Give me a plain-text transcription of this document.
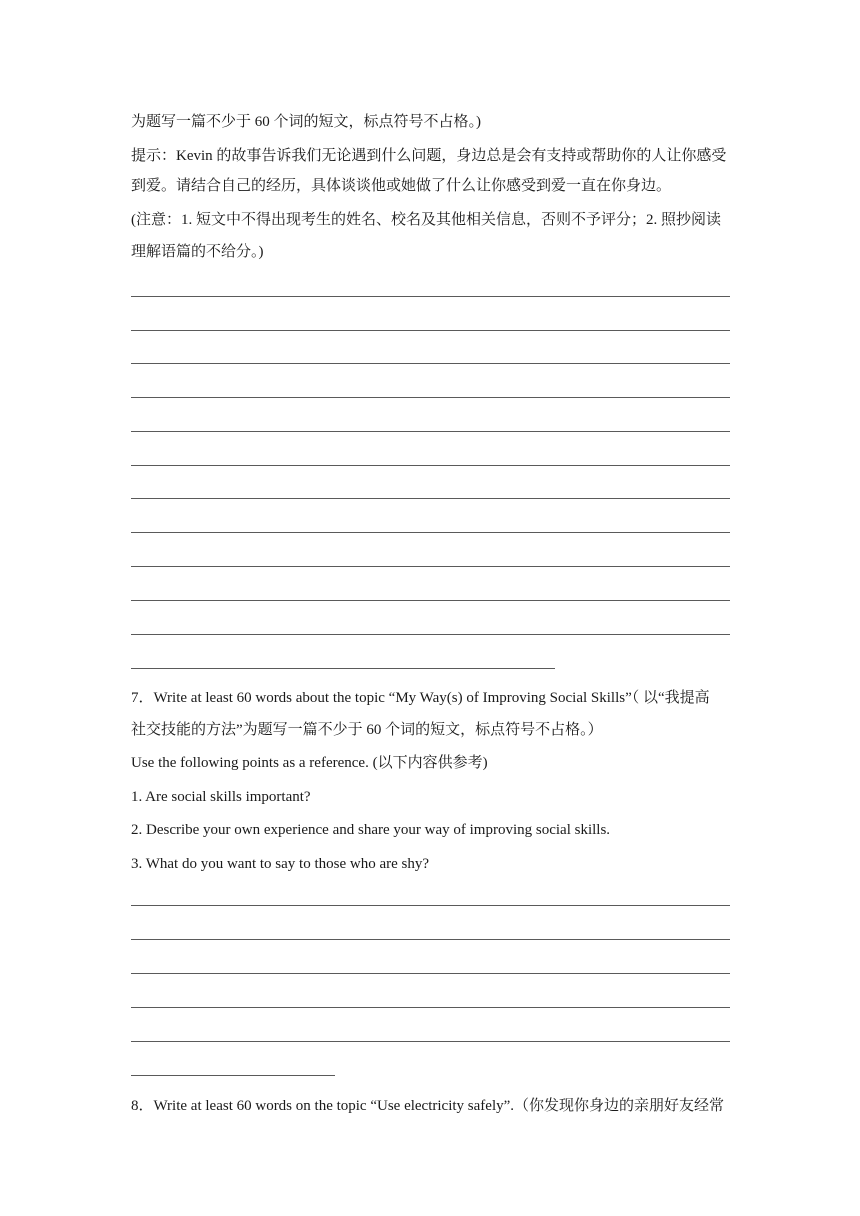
为题写一篇不少于 60 个词的短文，标点符号不占格。)

提示：Kevin 的故事告诉我们无论遇到什么问题，身边总是会有支持或帮助你的人让你感受

到爱。请结合自己的经历，具体谈谈他或她做了什么让你感受到爱一直在你身边。

(注意：1. 短文中不得出现考生的姓名、校名及其他相关信息，否则不予评分；2. 照抄阅读

理解语篇的不给分。)

7．Write at least 60 words about the topic “My Way(s) of Improving Social Skills”（ 以“我提高

社交技能的方法”为题写一篇不少于 60 个词的短文，标点符号不占格。）

Use the following points as a reference. (以下内容供参考)

1. Are social skills important?

2. Describe your own experience and share your way of improving social skills.

3. What do you want to say to those who are shy?

8．Write at least 60 words on the topic “Use electricity safely”.（你发现你身边的亲朋好友经常
